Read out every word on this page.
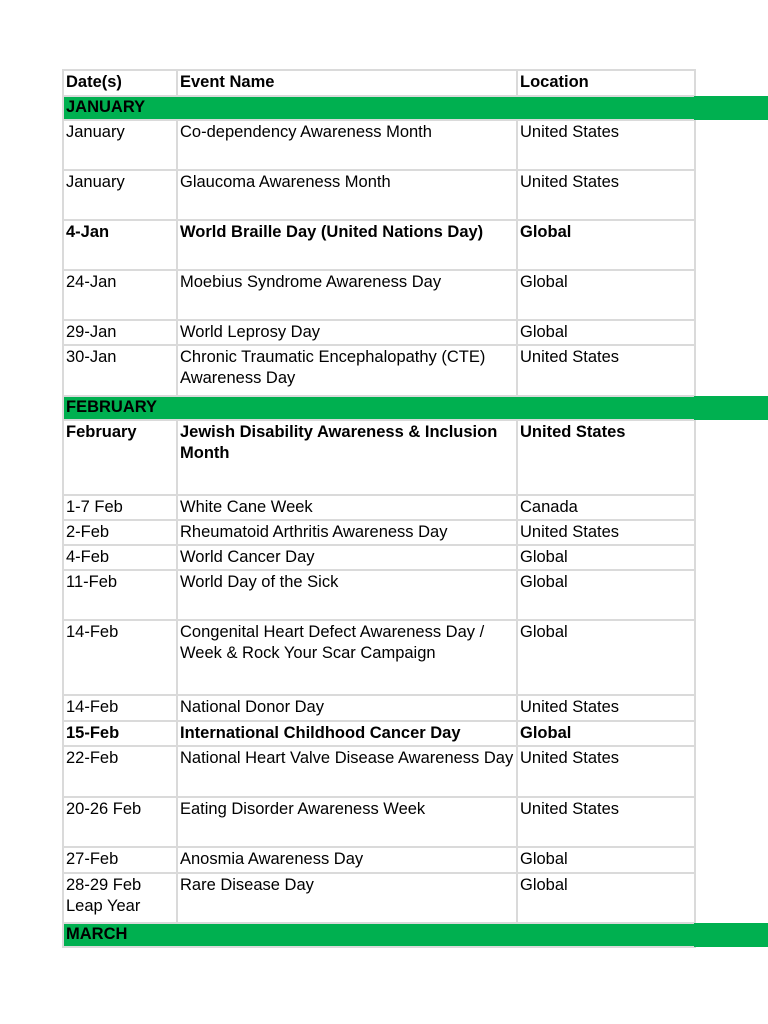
Date(s)	Event Name	Location
JANUARY		
January	Co-dependency Awareness Month	United States
January	Glaucoma Awareness Month	United States
4-Jan	World Braille Day (United Nations Day)	Global
24-Jan	Moebius Syndrome Awareness Day	Global
29-Jan	World Leprosy Day	Global
30-Jan	Chronic Traumatic Encephalopathy (CTE) Awareness Day	United States
FEBRUARY		
February	Jewish Disability Awareness & Inclusion Month	United States
1-7 Feb	White Cane Week	Canada
2-Feb	Rheumatoid Arthritis Awareness Day	United States
4-Feb	World Cancer Day	Global
11-Feb	World Day of the Sick	Global
14-Feb	Congenital Heart Defect Awareness Day / Week & Rock Your Scar Campaign	Global
14-Feb	National Donor Day	United States
15-Feb	International Childhood Cancer Day	Global
22-Feb	National Heart Valve Disease Awareness Day	United States
20-26 Feb	Eating Disorder Awareness Week	United States
27-Feb	Anosmia Awareness Day	Global
28-29 Feb Leap Year	Rare Disease Day	Global
MARCH		
